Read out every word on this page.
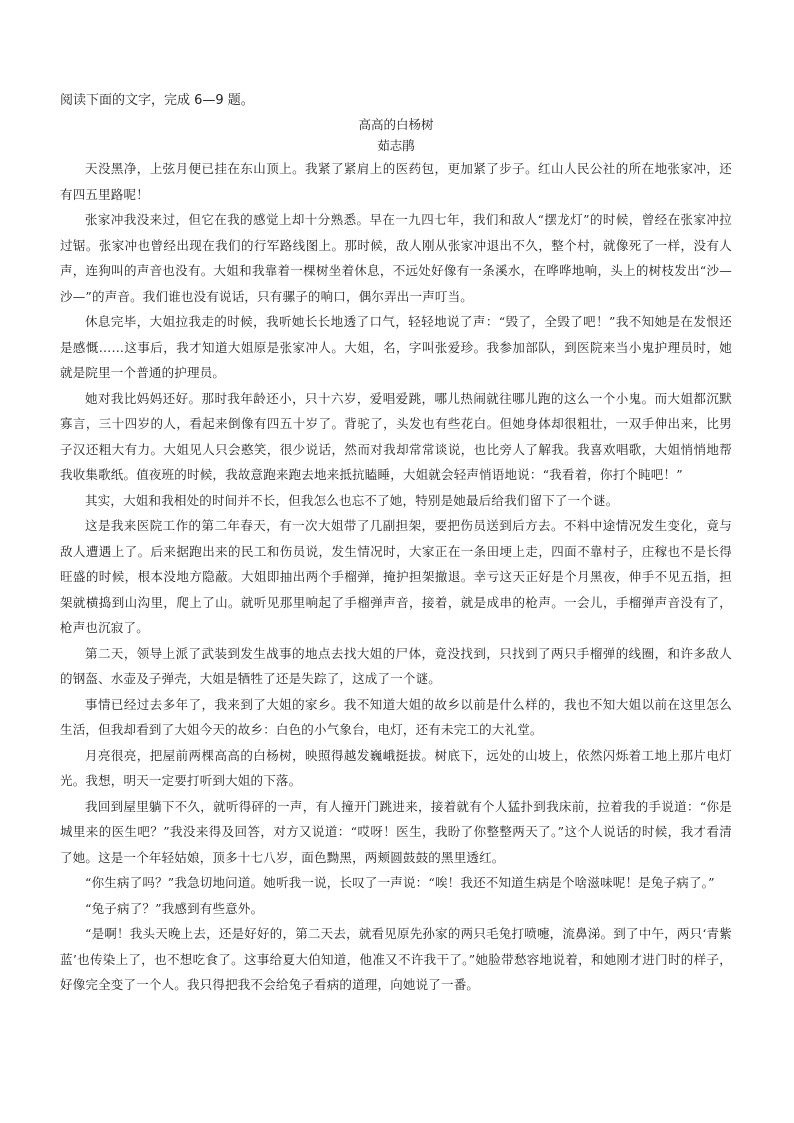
阅读下面的文字，完成 6—9 题。

高高的白杨树

茹志鹃

天没黑净，上弦月便已挂在东山顶上。我紧了紧肩上的医药包，更加紧了步子。红山人民公社的所在地张家冲，还有四五里路呢！

张家冲我没来过，但它在我的感觉上却十分熟悉。早在一九四七年，我们和敌人“摆龙灯”的时候，曾经在张家冲拉过锯。张家冲也曾经出现在我们的行军路线图上。那时候，敌人刚从张家冲退出不久，整个村，就像死了一样，没有人声，连狗叫的声音也没有。大姐和我靠着一棵树坐着休息，不远处好像有一条溪水，在哗哗地响，头上的树枝发出“沙—沙—”的声音。我们谁也没有说话，只有骡子的响口，偶尔弄出一声叮当。

休息完毕，大姐拉我走的时候，我听她长长地透了口气，轻轻地说了声：“毁了，全毁了吧！”我不知她是在发恨还是感慨……这事后，我才知道大姐原是张家冲人。大姐，名，字叫张爱珍。我参加部队，到医院来当小鬼护理员时，她就是院里一个普通的护理员。

她对我比妈妈还好。那时我年龄还小，只十六岁，爱唱爱跳，哪儿热闹就往哪儿跑的这么一个小鬼。而大姐都沉默寡言，三十四岁的人，看起来倒像有四五十岁了。背驼了，头发也有些花白。但她身体却很粗壮，一双手伸出来，比男子汉还粗大有力。大姐见人只会憨笑，很少说话，然而对我却常常谈说，也比旁人了解我。我喜欢唱歌，大姐悄悄地帮我收集歌纸。值夜班的时候，我故意跑来跑去地来抵抗瞌睡，大姐就会轻声悄语地说：“我看着，你打个盹吧！”

其实，大姐和我相处的时间并不长，但我怎么也忘不了她，特别是她最后给我们留下了一个谜。

这是我来医院工作的第二年春天，有一次大姐带了几副担架，要把伤员送到后方去。不料中途情况发生变化，竟与敌人遭遇上了。后来据跑出来的民工和伤员说，发生情况时，大家正在一条田埂上走，四面不靠村子，庄稼也不是长得旺盛的时候，根本没地方隐蔽。大姐即抽出两个手榴弹，掩护担架撤退。幸亏这天正好是个月黑夜，伸手不见五指，担架就横捣到山沟里，爬上了山。就听见那里响起了手榴弹声音，接着，就是成串的枪声。一会儿，手榴弹声音没有了，枪声也沉寂了。

第二天，领导上派了武装到发生战事的地点去找大姐的尸体，竟没找到，只找到了两只手榴弹的线圈，和许多敌人的钢盔、水壶及子弹壳，大姐是牺牲了还是失踪了，这成了一个谜。

事情已经过去多年了，我来到了大姐的家乡。我不知道大姐的故乡以前是什么样的，我也不知大姐以前在这里怎么生活，但我却看到了大姐今天的故乡：白色的小气象台，电灯，还有未完工的大礼堂。

月亮很亮，把屋前两棵高高的白杨树，映照得越发巍峨挺拔。树底下，远处的山坡上，依然闪烁着工地上那片电灯光。我想，明天一定要打听到大姐的下落。

我回到屋里躺下不久，就听得砰的一声，有人撞开门跳进来，接着就有个人猛扑到我床前，拉着我的手说道：“你是城里来的医生吧？”我没来得及回答，对方又说道：“哎呀！医生，我盼了你整整两天了。”这个人说话的时候，我才看清了她。这是一个年轻姑娘，顶多十七八岁，面色黝黑，两颊圆鼓鼓的黑里透红。

“你生病了吗？”我急切地问道。她听我一说，长叹了一声说：“唉！我还不知道生病是个啥滋味呢！是兔子病了。”

“兔子病了？”我感到有些意外。

“是啊！我头天晚上去，还是好好的，第二天去，就看见原先孙家的两只毛兔打喷嚏，流鼻涕。到了中午，两只‘青紫蓝’也传染上了，也不想吃食了。这事给夏大伯知道，他准又不许我干了。”她脸带愁容地说着，和她刚才进门时的样子，好像完全变了一个人。我只得把我不会给兔子看病的道理，向她说了一番。
